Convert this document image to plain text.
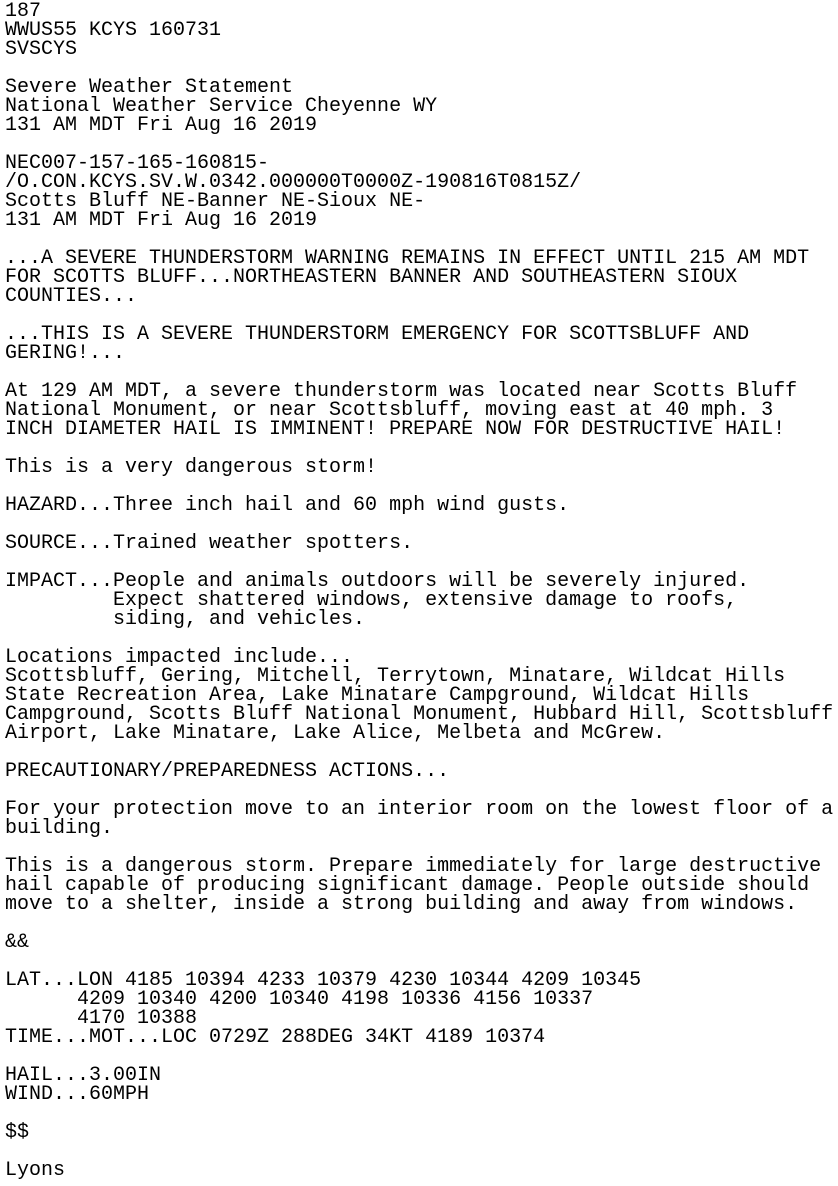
187
WWUS55 KCYS 160731
SVSCYS
Severe Weather Statement
National Weather Service Cheyenne WY
131 AM MDT Fri Aug 16 2019
NEC007-157-165-160815-
/O.CON.KCYS.SV.W.0342.000000T0000Z-190816T0815Z/
Scotts Bluff NE-Banner NE-Sioux NE-
131 AM MDT Fri Aug 16 2019
...A SEVERE THUNDERSTORM WARNING REMAINS IN EFFECT UNTIL 215 AM MDT
FOR SCOTTS BLUFF...NORTHEASTERN BANNER AND SOUTHEASTERN SIOUX
COUNTIES...
...THIS IS A SEVERE THUNDERSTORM EMERGENCY FOR SCOTTSBLUFF AND
GERING!...
At 129 AM MDT, a severe thunderstorm was located near Scotts Bluff
National Monument, or near Scottsbluff, moving east at 40 mph. 3
INCH DIAMETER HAIL IS IMMINENT! PREPARE NOW FOR DESTRUCTIVE HAIL!
This is a very dangerous storm!
HAZARD...Three inch hail and 60 mph wind gusts.
SOURCE...Trained weather spotters.
IMPACT...People and animals outdoors will be severely injured.
Expect shattered windows, extensive damage to roofs,
siding, and vehicles.
Locations impacted include...
Scottsbluff, Gering, Mitchell, Terrytown, Minatare, Wildcat Hills
State Recreation Area, Lake Minatare Campground, Wildcat Hills
Campground, Scotts Bluff National Monument, Hubbard Hill, Scottsbluff
Airport, Lake Minatare, Lake Alice, Melbeta and McGrew.
PRECAUTIONARY/PREPAREDNESS ACTIONS...
For your protection move to an interior room on the lowest floor of a
building.
This is a dangerous storm. Prepare immediately for large destructive
hail capable of producing significant damage. People outside should
move to a shelter, inside a strong building and away from windows.
&&
LAT...LON 4185 10394 4233 10379 4230 10344 4209 10345
4209 10340 4200 10340 4198 10336 4156 10337
4170 10388
TIME...MOT...LOC 0729Z 288DEG 34KT 4189 10374
HAIL...3.00IN
WIND...60MPH
$$
Lyons
